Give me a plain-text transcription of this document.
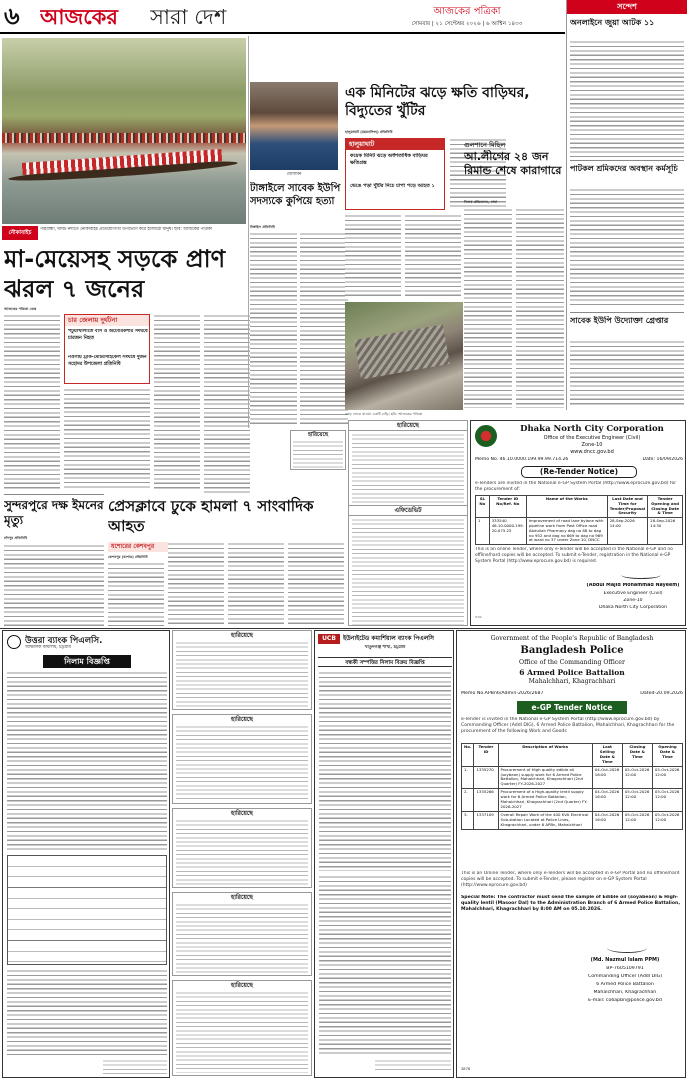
৬ আজকের	সারা দেশ	আজকের পত্রিকা
সোমবার | ২১ সেপ্টেম্বর ২০২৬ | ৬ আশ্বিন ১৪৩৩
সন্দেশ
অনলাইনে জুয়া আটক ১১
পাটকল শ্রমিকদের অবস্থান কর্মসূচি
সাবেক ইউপি উদ্যোক্তা গ্রেপ্তার
নৌকাবাইচ
গাইবান্ধা, ঘাঘট নদীতে নৌকাবাইচ প্রতিযোগিতা উপভোগ করে হাজারো মানুষ। ছবি: আজকের পত্রিকা
জেসমিন
টাঙ্গাইলে সাবেক ইউপি সদস্যকে কুপিয়ে হত্যা
টাঙ্গাইল প্রতিনিধি
এক মিনিটের ঝড়ে ক্ষতি বাড়িঘর, বিদ্যুতের খুঁটির
হালুয়াঘাট (ময়মনসিংহ) প্রতিনিধি
হালুয়াঘাট
কয়েক মিনিট ঝড়ে অর্ধশতাধিক বাড়িঘর ক্ষতিগ্রস্ত
ভেঙে পড়া খুঁটির নিচে চাপা পড়ে আহত ১
ঝড়ে ভেঙে যাওয়া একটি বাড়ি। ছবি: আজকের পত্রিকা
গুলশানে মিছিল
আ.লীগের ২৪ জন রিমান্ড শেষে কারাগারে
নিজস্ব প্রতিবেদক, ঢাকা
মা-মেয়েসহ সড়কে প্রাণ ঝরল ৭ জনের
আজকের পত্রিকা ডেস্ক
চার জেলায় দুর্ঘটনা
পটুয়াখালীতে বাস ও অটোরিকশার সংঘর্ষে চারজন নিহত
নওগাঁয় ট্রাক-মোটরসাইকেল সংঘর্ষে দুজন সহোদর উপজেলা প্রতিনিধি
সুন্দরপুরে দক্ষ ইমনের মৃত্যু
চাঁদপুর প্রতিনিধি
প্রেসক্লাবে ঢুকে হামলা ৭ সাংবাদিক আহত
যশোরের কেশবপুর
কেশবপুর (যশোর) প্রতিনিধি
হারিয়েছে
হারিয়েছে
এফিডেভিট
Dhaka North City Corporation
Office of the Executive Engineer (Civil)
Zone-10
www.dncc.gov.bd
Memo No. 46.10.0000.199.99.99.714.26	Date: 16/09/2026
(Re-Tender Notice)
e-Tenders are invited in the National e-GP System Portal (http://www.eprocure.gov.bd) for the procurement of:
SL No	Tender ID No/Ref. No	Name of the Works	Last Date and Time for Tender/Proposal Security	Tender Opening and Closing Date & Time
1	333540 46.10.0000.199. 20.075.25	Improvement of road lane bylane with pipeline work from Post Office road Abdullah Pharmacy dag no 88 to dag no 952 and dag no 669 to dag no 969 at ward no 37 under Zone 10, DNCC	28-Sep-2026 14:00	28-Sep-2026 14:30
This is an online Tender, where only e-Tender will be accepted in the National e-GP and no offline/hard copies will be accepted. To submit e-Tender, registration in the National e-GP System Portal (http://www.eprocure.gov.bd) is required.
(Abdul Majid Mohammad Nayeem)
Executive Engineer (Civil)
Zone-10
Dhaka North City Corporation
৪৩৫
উত্তরা ব্যাংক পিএলসি.
আঞ্চলিক কার্যালয়, চট্টগ্রাম
নিলাম বিজ্ঞপ্তি
হারিয়েছে
হারিয়েছে
হারিয়েছে
হারিয়েছে
হারিয়েছে
UCB	ইউনাইটেড কমার্শিয়াল ব্যাংক পিএলসি
খাতুনগঞ্জ শাখা, চট্টগ্রাম
বন্ধকী সম্পত্তির নিলাম বিক্রয় বিজ্ঞপ্তি
Government of the People's Republic of Bangladesh
Bangladesh Police
Office of the Commanding Officer
6 Armed Police Battalion
Mahalchhari, Khagrachhari
Memo No.APBn6/Admin-2026/2687	Dated-20.09.2026
e-GP Tender Notice
e-Tender is invited in the National e-GP System Portal (http://www.eprocure.gov.bd) by Commanding Officer (Addl DIG), 6 Armed Police Battalion, Mahalchhari, Khagrachhari for the procurement of the following Work and Goods
No.	Tender ID	Description of Works	Last Selling Date & Time	Closing Date & Time	Opening Date & Time
1.	1335270	Procurement of High quality edible oil (soybean) supply work for 6 Armed Police Battalion, Mahalchhari, Khagrachhari (2nd Quarter) FY-2026-2027	04-Oct-2026 16:00	05-Oct-2026 12:00	05-Oct-2026 12:00
2.	1335266	Procurement of a High-quality lentil supply work for 6 Armed Police Battalion, Mahalchhari, Khagrachhari (2nd Quarter) FY-2026-2027	04-Oct-2026 16:00	05-Oct-2026 12:00	05-Oct-2026 12:00
3.	1337109	Overall Repair Work of the 400 KVA Electrical Sub-station Located at Police Lines, Khagrachhari, under 6 APBn, Mahalchhari	04-Oct-2026 16:00	05-Oct-2026 12:00	05-Oct-2026 12:00
This is an Online Tender, where only e-Tenders will be accepted in e-GP Portal and no offline/hard copies will be accepted. To submit e-Tender, please register on e-GP System Portal (http://www.eprocure.gov.bd)
Special Note: The contractor must send the sample of Edible oil (soyabean) & High-quality lentil (Masoor Dal) to the Administration Branch of 6 Armed Police Battalion, Mahalchhari, Khagrachhari by 8:00 AM on 05.10.2026.
(Md. Nazmul Islam PPM)
BP-7605109791
Commanding Officer (Addl DIG)
6 Armed Police Battalion
Mahalchhari, Khagrachhari
E-mail: co6apbn@police.gov.bd
3878
